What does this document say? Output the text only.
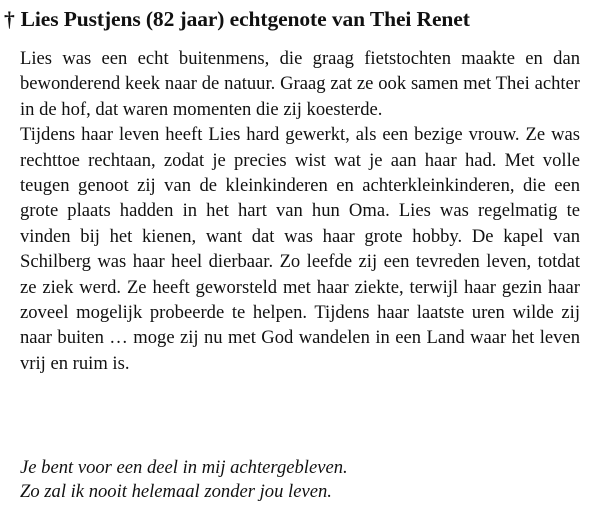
† Lies Pustjens (82 jaar) echtgenote van Thei Renet

Lies was een echt buitenmens, die graag fietstochten maakte en dan bewonderend keek naar de natuur. Graag zat ze ook samen met Thei achter in de hof, dat waren momenten die zij koesterde.

Tijdens haar leven heeft Lies hard gewerkt, als een bezige vrouw. Ze was rechttoe rechtaan, zodat je precies wist wat je aan haar had. Met volle teugen genoot zij van de kleinkinderen en achterkleinkinderen, die een grote plaats hadden in het hart van hun Oma. Lies was regelmatig te vinden bij het kienen, want dat was haar grote hobby. De kapel van Schilberg was haar heel dierbaar. Zo leefde zij een tevreden leven, totdat ze ziek werd. Ze heeft geworsteld met haar ziekte, terwijl haar gezin haar zoveel mogelijk probeerde te helpen. Tijdens haar laatste uren wilde zij naar buiten … moge zij nu met God wandelen in een Land waar het leven vrij en ruim is.

Je bent voor een deel in mij achtergebleven.
Zo zal ik nooit helemaal zonder jou leven.
